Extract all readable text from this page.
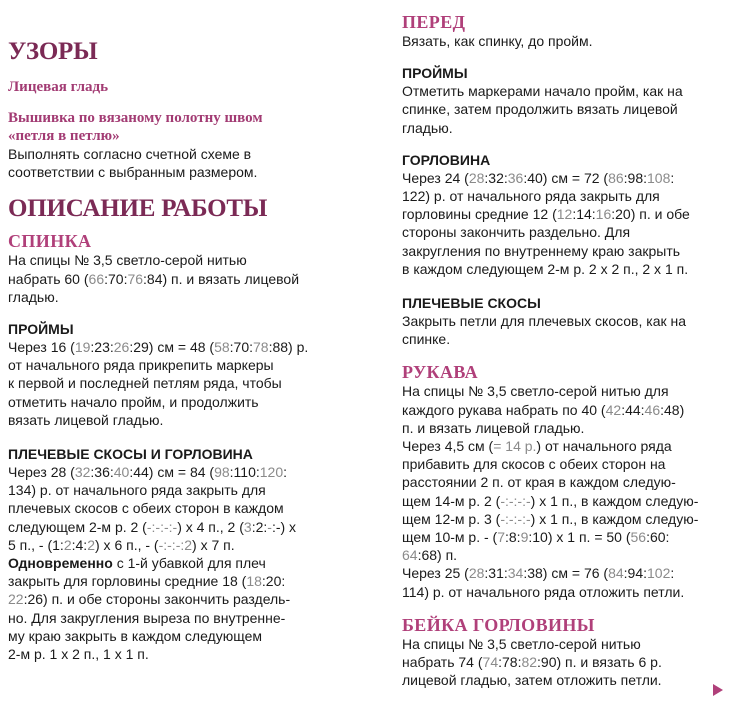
УЗОРЫ
Лицевая гладь
Вышивка по вязаному полотну швом
«петля в петлю»
Выполнять согласно счетной схеме в
соответствии с выбранным размером.
ОПИСАНИЕ РАБОТЫ
СПИНКА
На спицы № 3,5 светло-серой нитью
набрать 60 (66:70:76:84) п. и вязать лицевой
гладью.
ПРОЙМЫ
Через 16 (19:23:26:29) см = 48 (58:70:78:88) р.
от начального ряда прикрепить маркеры
к первой и последней петлям ряда, чтобы
отметить начало пройм, и продолжить
вязать лицевой гладью.
ПЛЕЧЕВЫЕ СКОСЫ И ГОРЛОВИНА
Через 28 (32:36:40:44) см = 84 (98:110:120:
134) р. от начального ряда закрыть для
плечевых скосов с обеих сторон в каждом
следующем 2-м р. 2 (-:-:-:-) х 4 п., 2 (3:2:-:-) х
5 п., - (1:2:4:2) х 6 п., - (-:-:-:2) х 7 п.
Одновременно с 1-й убавкой для плеч
закрыть для горловины средние 18 (18:20:
22:26) п. и обе стороны закончить раздель-
но. Для закругления выреза по внутренне-
му краю закрыть в каждом следующем
2-м р. 1 х 2 п., 1 х 1 п.
ПЕРЕД
Вязать, как спинку, до пройм.
ПРОЙМЫ
Отметить маркерами начало пройм, как на
спинке, затем продолжить вязать лицевой
гладью.
ГОРЛОВИНА
Через 24 (28:32:36:40) см = 72 (86:98:108:
122) р. от начального ряда закрыть для
горловины средние 12 (12:14:16:20) п. и обе
стороны закончить раздельно. Для
закругления по внутреннему краю закрыть
в каждом следующем 2-м р. 2 х 2 п., 2 х 1 п.
ПЛЕЧЕВЫЕ СКОСЫ
Закрыть петли для плечевых скосов, как на
спинке.
РУКАВА
На спицы № 3,5 светло-серой нитью для
каждого рукава набрать по 40 (42:44:46:48)
п. и вязать лицевой гладью.
Через 4,5 см (= 14 р.) от начального ряда
прибавить для скосов с обеих сторон на
расстоянии 2 п. от края в каждом следую-
щем 14-м р. 2 (-:-:-:-) х 1 п., в каждом следую-
щем 12-м р. 3 (-:-:-:-) х 1 п., в каждом следую-
щем 10-м р. - (7:8:9:10) х 1 п. = 50 (56:60:
64:68) п.
Через 25 (28:31:34:38) см = 76 (84:94:102:
114) р. от начального ряда отложить петли.
БЕЙКА ГОРЛОВИНЫ
На спицы № 3,5 светло-серой нитью
набрать 74 (74:78:82:90) п. и вязать 6 р.
лицевой гладью, затем отложить петли.
